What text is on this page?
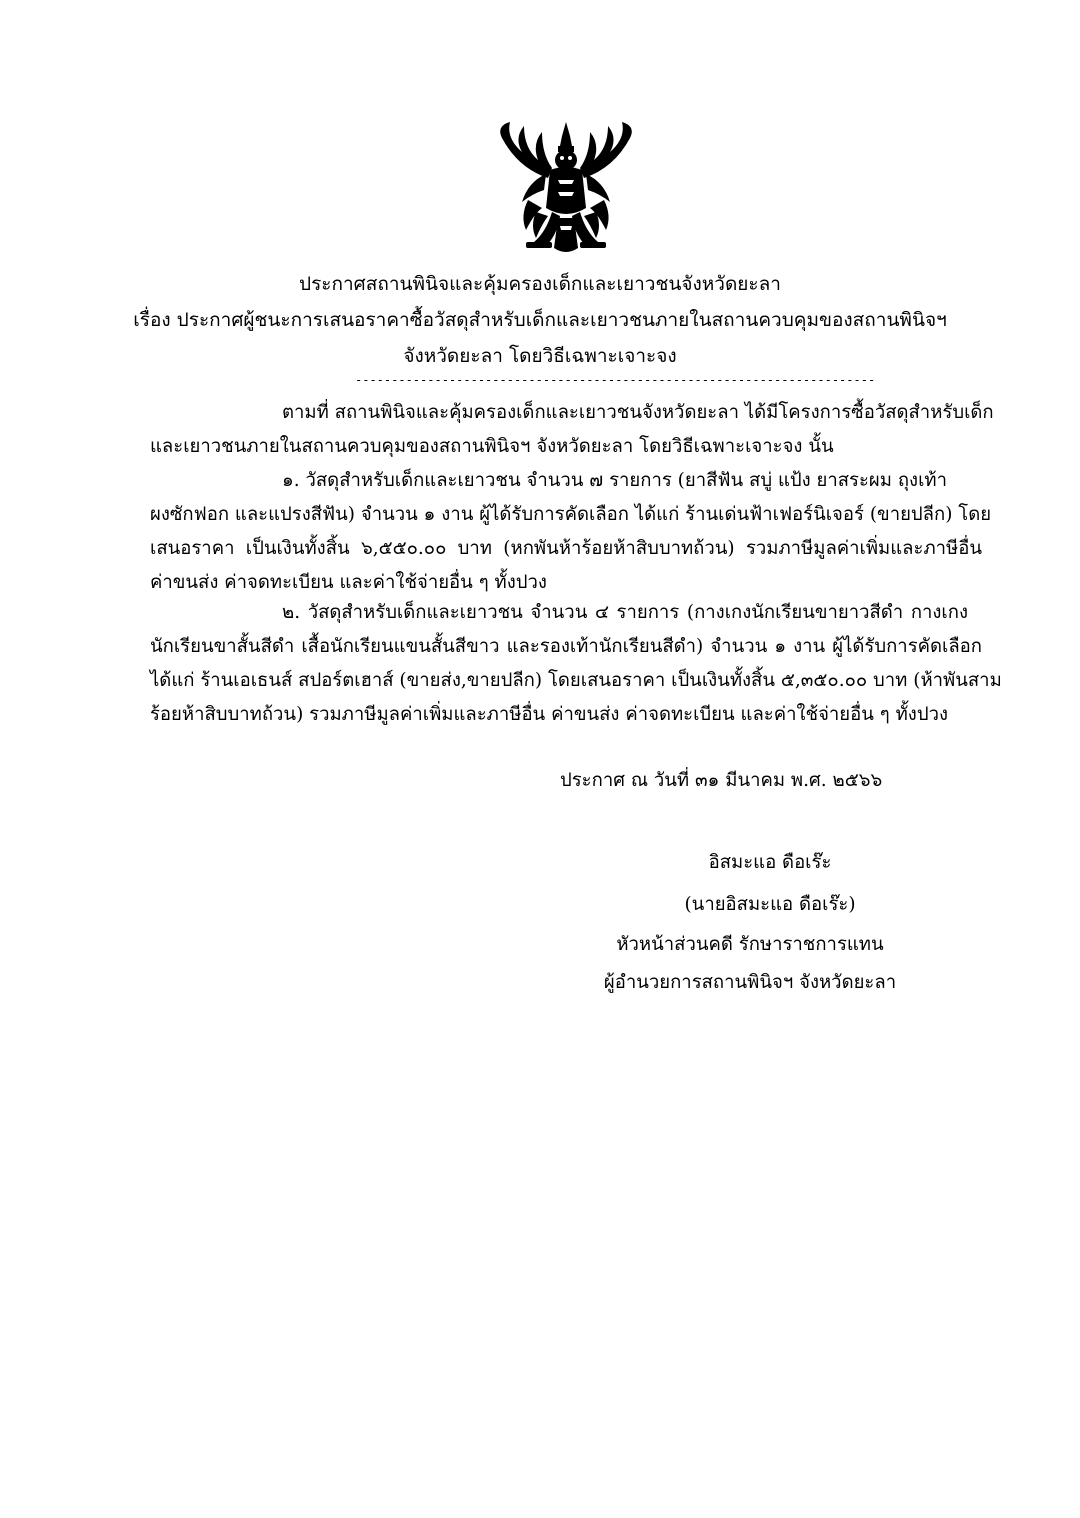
ประกาศสถานพินิจและคุ้มครองเด็กและเยาวชนจังหวัดยะลา
เรื่อง ประกาศผู้ชนะการเสนอราคาซื้อวัสดุสำหรับเด็กและเยาวชนภายในสถานควบคุมของสถานพินิจฯ
จังหวัดยะลา โดยวิธีเฉพาะเจาะจง
------------------------------------------------------------------------
ตามที่ สถานพินิจและคุ้มครองเด็กและเยาวชนจังหวัดยะลา ได้มีโครงการซื้อวัสดุสำหรับเด็ก
และเยาวชนภายในสถานควบคุมของสถานพินิจฯ จังหวัดยะลา โดยวิธีเฉพาะเจาะจง นั้น
๑. วัสดุสำหรับเด็กและเยาวชน จำนวน ๗ รายการ (ยาสีฟัน สบู่ แป้ง ยาสระผม ถุงเท้า
ผงซักฟอก และแปรงสีฟัน) จำนวน ๑ งาน ผู้ได้รับการคัดเลือก ได้แก่ ร้านเด่นฟ้าเฟอร์นิเจอร์ (ขายปลีก) โดย
เสนอราคา เป็นเงินทั้งสิ้น ๖,๕๕๐.๐๐ บาท (หกพันห้าร้อยห้าสิบบาทถ้วน) รวมภาษีมูลค่าเพิ่มและภาษีอื่น
ค่าขนส่ง ค่าจดทะเบียน และค่าใช้จ่ายอื่น ๆ ทั้งปวง
๒. วัสดุสำหรับเด็กและเยาวชน จำนวน ๔ รายการ (กางเกงนักเรียนขายาวสีดำ กางเกง
นักเรียนขาสั้นสีดำ เสื้อนักเรียนแขนสั้นสีขาว และรองเท้านักเรียนสีดำ) จำนวน ๑ งาน ผู้ได้รับการคัดเลือก
ได้แก่ ร้านเอเธนส์ สปอร์ตเฮาส์ (ขายส่ง,ขายปลีก) โดยเสนอราคา เป็นเงินทั้งสิ้น ๕,๓๕๐.๐๐ บาท (ห้าพันสาม
ร้อยห้าสิบบาทถ้วน) รวมภาษีมูลค่าเพิ่มและภาษีอื่น ค่าขนส่ง ค่าจดทะเบียน และค่าใช้จ่ายอื่น ๆ ทั้งปวง
ประกาศ ณ วันที่ ๓๑ มีนาคม พ.ศ. ๒๕๖๖
อิสมะแอ ดือเร๊ะ
(นายอิสมะแอ ดือเร๊ะ)
หัวหน้าส่วนคดี รักษาราชการแทน
ผู้อำนวยการสถานพินิจฯ จังหวัดยะลา
